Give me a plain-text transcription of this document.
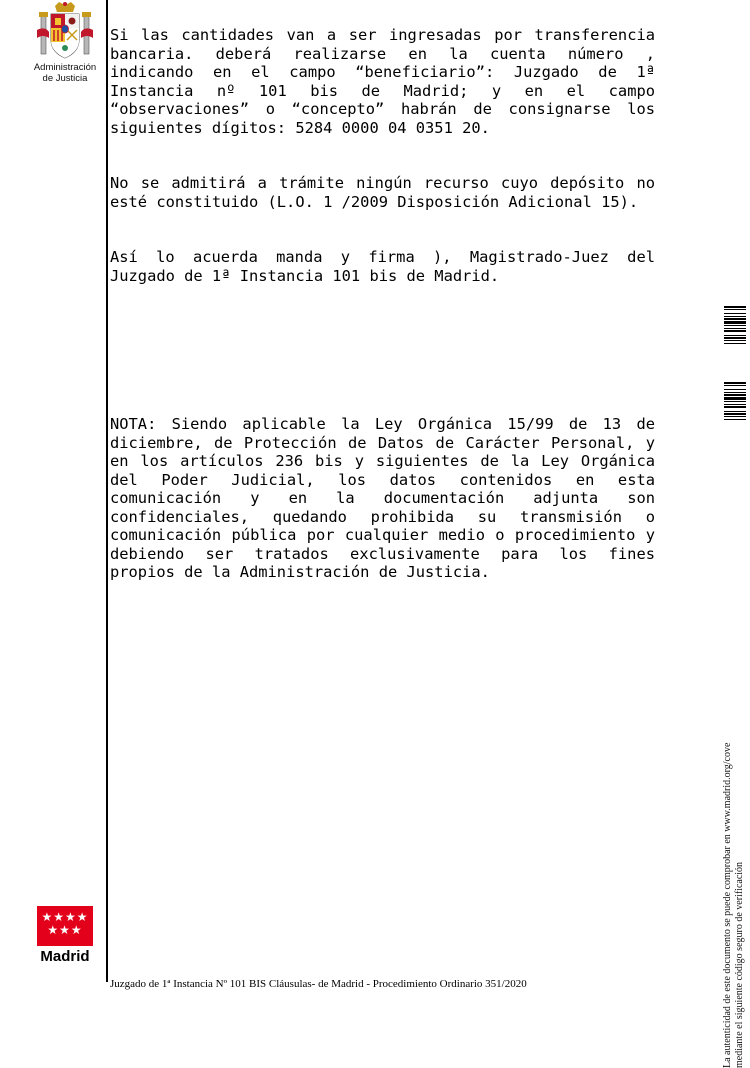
Administración
de Justicia

Si las cantidades van a ser ingresadas por transferencia bancaria. deberá realizarse en la cuenta número , indicando en el campo “beneficiario”: Juzgado de 1ª Instancia nº 101 bis de Madrid; y en el campo “observaciones” o “concepto” habrán de consignarse los siguientes dígitos: 5284 0000 04 0351 20.

No se admitirá a trámite ningún recurso cuyo depósito no esté constituido (L.O. 1 /2009 Disposición Adicional 15).

Así lo acuerda manda y firma ), Magistrado-Juez del Juzgado de 1ª Instancia 101 bis de Madrid.

NOTA: Siendo aplicable la Ley Orgánica 15/99 de 13 de diciembre, de Protección de Datos de Carácter Personal, y en los artículos 236 bis y siguientes de la Ley Orgánica del Poder Judicial, los datos contenidos en esta comunicación y en la documentación adjunta son confidenciales, quedando prohibida su transmisión o comunicación pública por cualquier medio o procedimiento y debiendo ser tratados exclusivamente para los fines propios de la Administración de Justicia.

★★★★ ★★★
Madrid
Juzgado de 1ª Instancia Nº 101 BIS Cláusulas- de Madrid - Procedimiento Ordinario 351/2020	La autenticidad de este documento se puede comprobar en www.madrid.org/cove mediante el siguiente código seguro de verificación
